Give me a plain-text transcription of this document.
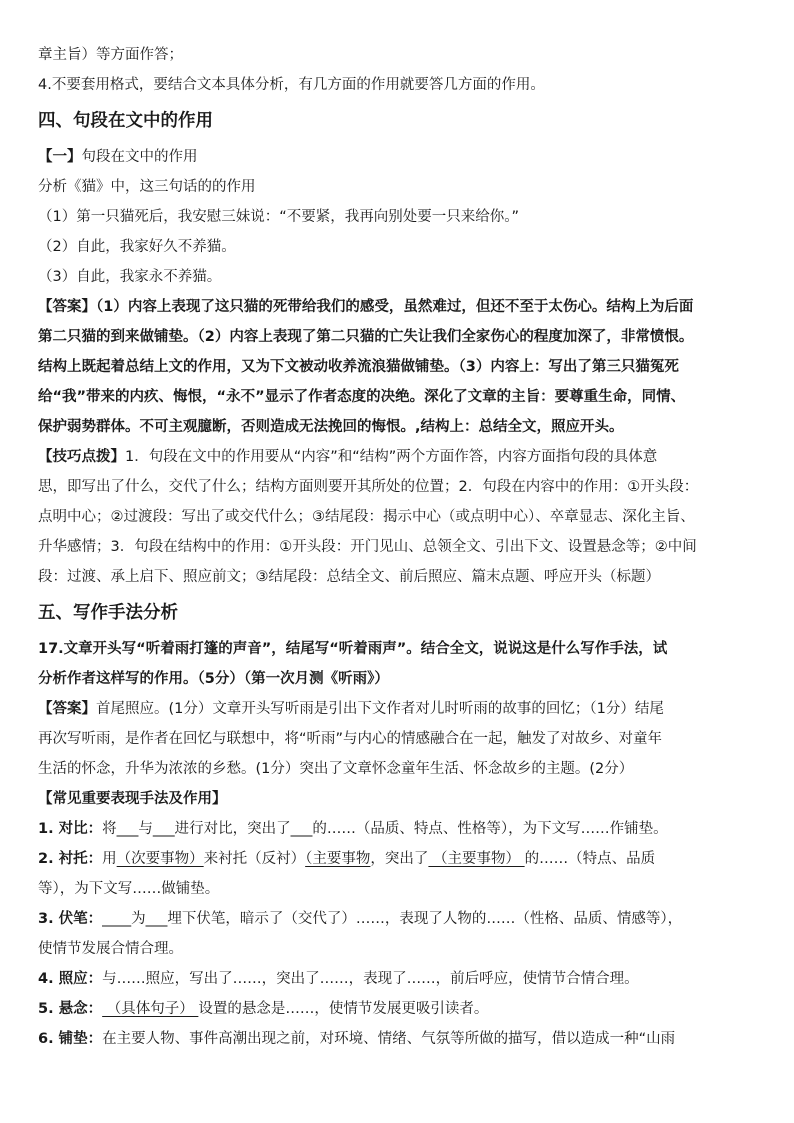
章主旨）等方面作答；
4.不要套用格式，要结合文本具体分析，有几方面的作用就要答几方面的作用。
四、句段在文中的作用
【一】句段在文中的作用
分析《猫》中，这三句话的的作用
（1）第一只猫死后，我安慰三妹说：“不要紧，我再向别处要一只来给你。”
（2）自此，我家好久不养猫。
（3）自此，我家永不养猫。
【答案】（1）内容上表现了这只猫的死带给我们的感受，虽然难过，但还不至于太伤心。结构上为后面
第二只猫的到来做铺垫。（2）内容上表现了第二只猫的亡失让我们全家伤心的程度加深了，非常愤恨。
结构上既起着总结上文的作用，又为下文被动收养流浪猫做铺垫。（3）内容上：写出了第三只猫冤死
给“我”带来的内疚、悔恨，“永不”显示了作者态度的决绝。深化了文章的主旨：要尊重生命，同情、
保护弱势群体。不可主观臆断，否则造成无法挽回的悔恨。,结构上：总结全文，照应开头。
【技巧点拨】1．句段在文中的作用要从“内容”和“结构”两个方面作答，内容方面指句段的具体意
思，即写出了什么，交代了什么；结构方面则要开其所处的位置；2．句段在内容中的作用：①开头段：
点明中心；②过渡段：写出了或交代什么；③结尾段：揭示中心（或点明中心）、卒章显志、深化主旨、
升华感情；3．句段在结构中的作用：①开头段：开门见山、总领全文、引出下文、设置悬念等；②中间
段：过渡、承上启下、照应前文；③结尾段：总结全文、前后照应、篇末点题、呼应开头（标题）
五、写作手法分析
17.文章开头写“听着雨打篷的声音”，结尾写“听着雨声”。结合全文，说说这是什么写作手法，试
分析作者这样写的作用。（5分）（第一次月测《听雨》）
【答案】首尾照应。(1分）文章开头写听雨是引出下文作者对儿时听雨的故事的回忆；（1分）结尾
再次写听雨，是作者在回忆与联想中，将“听雨”与内心的情感融合在一起，触发了对故乡、对童年
生活的怀念，升华为浓浓的乡愁。(1分）突出了文章怀念童年生活、怀念故乡的主题。(2分）
【常见重要表现手法及作用】
1. 对比：将___与___进行对比，突出了___的……（品质、特点、性格等），为下文写……作铺垫。
2. 衬托：用（次要事物）来衬托（反衬）（主要事物，突出了 （主要事物） 的……（特点、品质
等），为下文写……做铺垫。
3. 伏笔：____为___埋下伏笔，暗示了（交代了）……，表现了人物的……（性格、品质、情感等），
使情节发展合情合理。
4. 照应：与……照应，写出了……，突出了……，表现了……，前后呼应，使情节合情合理。
5. 悬念： （具体句子） 设置的悬念是……，使情节发展更吸引读者。
6. 铺垫：在主要人物、事件高潮出现之前，对环境、情绪、气氛等所做的描写，借以造成一种“山雨
